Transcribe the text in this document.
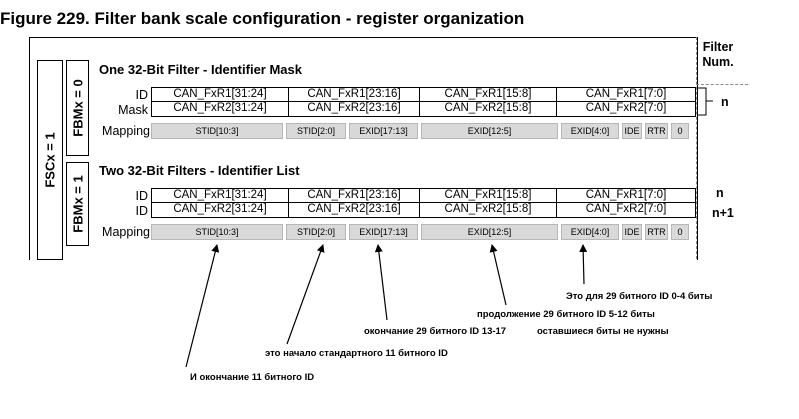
Figure 229. Filter bank scale configuration - register organization
Filter
Num.
FSCx = 1
FBMx = 0
One 32-Bit Filter - Identifier Mask
ID
Mask
Mapping
CAN_FxR1[31:24]	CAN_FxR1[23:16]	CAN_FxR1[15:8]	CAN_FxR1[7:0]
CAN_FxR2[31:24]	CAN_FxR2[23:16]	CAN_FxR2[15:8]	CAN_FxR2[7:0]
STID[10:3]	STID[2:0]	EXID[17:13]	EXID[12:5]	EXID[4:0]	IDE RTR	0
n
FBMx = 1
Two 32-Bit Filters - Identifier List
ID
ID
Mapping
CAN_FxR1[31:24]	CAN_FxR1[23:16]	CAN_FxR1[15:8]	CAN_FxR1[7:0]
CAN_FxR2[31:24]	CAN_FxR2[23:16]	CAN_FxR2[15:8]	CAN_FxR2[7:0]
STID[10:3]	STID[2:0]	EXID[17:13]	EXID[12:5]	EXID[4:0]	IDE RTR	0
n
n+1
Это для 29 битного ID 0-4 биты
продолжение 29 битного ID 5-12 биты
окончание 29 битного ID 13-17	оставшиеся биты не нужны
это начало стандартного 11 битного ID
И окончание 11 битного ID
